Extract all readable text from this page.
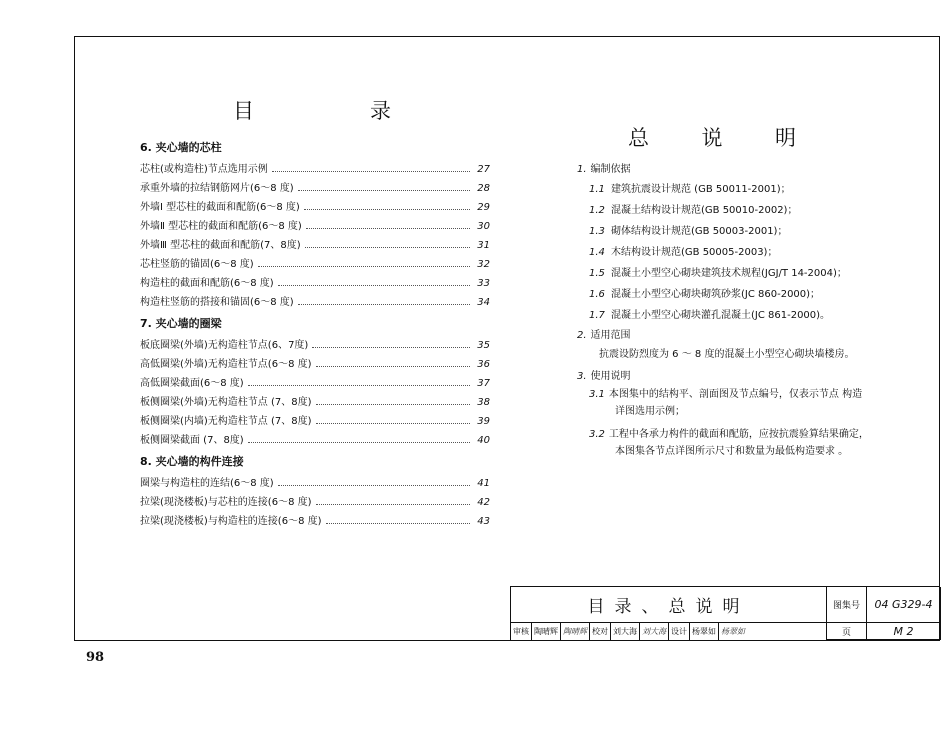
目	录
6. 夹心墙的芯柱
芯柱(或构造柱)节点选用示例	27
承重外墙的拉结钢筋网片(6～8 度)	28
外墙Ⅰ 型芯柱的截面和配筋(6～8 度)	29
外墙Ⅱ 型芯柱的截面和配筋(6～8 度)	30
外墙Ⅲ 型芯柱的截面和配筋(7、8度)	31
芯柱竖筋的锚固(6～8 度)	32
构造柱的截面和配筋(6～8 度)	33
构造柱竖筋的搭接和锚固(6～8 度)	34
7. 夹心墙的圈梁
板底圈梁(外墙)无构造柱节点(6、7度)	35
高低圈梁(外墙)无构造柱节点(6～8 度)	36
高低圈梁截面(6～8 度)	37
板侧圈梁(外墙)无构造柱节点 (7、8度)	38
板侧圈梁(内墙)无构造柱节点 (7、8度)	39
板侧圈梁截面 (7、8度)	40
8. 夹心墙的构件连接
圈梁与构造柱的连结(6～8 度)	41
拉梁(现浇楼板)与芯柱的连接(6～8 度)	42
拉梁(现浇楼板)与构造柱的连接(6～8 度)	43
总	说	明
1. 编制依据
1.1 建筑抗震设计规范 (GB 50011-2001)；
1.2 混凝土结构设计规范(GB 50010-2002)；
1.3 砌体结构设计规范(GB 50003-2001)；
1.4 木结构设计规范(GB 50005-2003)；
1.5 混凝土小型空心砌块建筑技术规程(JGJ/T 14-2004)；
1.6 混凝土小型空心砌块砌筑砂浆(JC 860-2000)；
1.7 混凝土小型空心砌块灌孔混凝土(JC 861-2000)。
2. 适用范围
抗震设防烈度为 6 ～ 8 度的混凝土小型空心砌块墙楼房。
3. 使用说明
3.1 本图集中的结构平、剖面图及节点编号，仅表示节点 构造
详图选用示例；
3.2 工程中各承力构件的截面和配筋，应按抗震验算结果确定，
本图集各节点详图所示尺寸和数量为最低构造要求 。
目录、总说明	图集号	04 G329-4
页	M 2
审核 陶晴辉 陶晴辉 校对 刘大海 刘大海 设计 杨翠如 杨翠如
98
